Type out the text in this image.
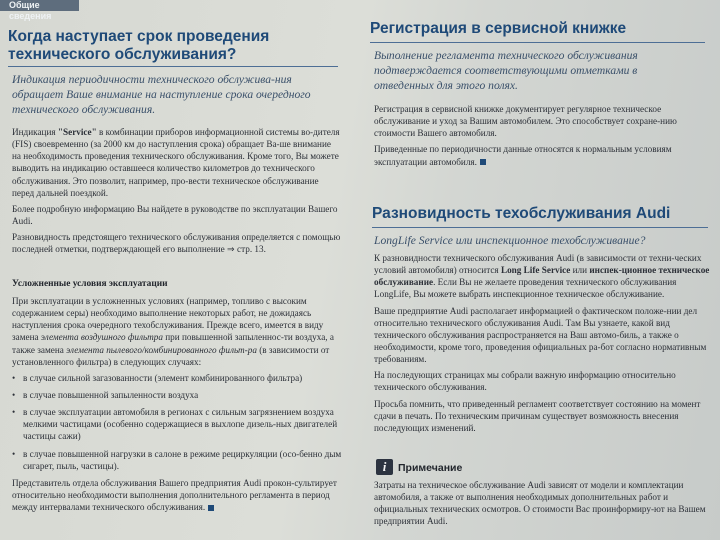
Общие сведения
Когда наступает срок проведения технического обслуживания?
Индикация периодичности технического обслужива-ния обращает Ваше внимание на наступление срока очередного технического обслуживания.

Индикация "Service" в комбинации приборов информационной системы во-дителя (FIS) своевременно (за 2000 км до наступления срока) обращает Ва-ше внимание на необходимость проведения технического обслуживания. Кроме того, Вы можете выводить на индикацию оставшееся количество километров до технического обслуживания. Это позволит, например, про-вести техническое обслуживание перед дальней поездкой.

Более подробную информацию Вы найдете в руководстве по эксплуатации Вашего Audi.

Разновидность предстоящего технического обслуживания определяется с помощью последней отметки, подтверждающей его выполнение ⇒ стр. 13.

Усложненные условия эксплуатации

При эксплуатации в усложненных условиях (например, топливо с высоким содержанием серы) необходимо выполнение некоторых работ, не дожидаясь наступления срока очередного техобслуживания. Прежде всего, имеется в виду замена элемента воздушного фильтра при повышенной запыленнос-ти воздуха, а также замена элемента пылевого/комбинированного фильт-ра (в зависимости от установленного фильтра) в следующих случаях:

• в случае сильной загазованности (элемент комбинированного фильтра)
• в случае повышенной запыленности воздуха
• в случае эксплуатации автомобиля в регионах с сильным загрязнением воздуха мелкими частицами (особенно содержащиеся в выхлопе дизель-ных двигателей частицы сажи)
• в случае повышенной нагрузки в салоне в режиме рециркуляции (осо-бенно дым сигарет, пыль, частицы).

Представитель отдела обслуживания Вашего предприятия Audi прокон-сультирует относительно необходимости выполнения дополнительного регламента в период между интервалами технического обслуживания.

Регистрация в сервисной книжке
Выполнение регламента технического обслуживания подтверждается соответствующими отметками в отведенных для этого полях.

Регистрация в сервисной книжке документирует регулярное техническое обслуживание и уход за Вашим автомобилем. Это способствует сохране-нию стоимости Вашего автомобиля.

Приведенные по периодичности данные относятся к нормальным условиям эксплуатации автомобиля.

Разновидность техобслуживания Audi
LongLife Service или инспекционное техобслуживание?

К разновидности технического обслуживания Audi (в зависимости от техни-ческих условий автомобиля) относится Long Life Service или инспек-ционное техническое обслуживание. Если Вы не желаете проведения технического обслуживания LongLife, Вы можете выбрать инспекционное техническое обслуживание.

Ваше предприятие Audi располагает информацией о фактическом положе-нии дел относительно технического обслуживания Audi. Там Вы узнаете, какой вид технического обслуживания распространяется на Ваш автомо-биль, а также о необходимости, кроме того, проведения официальных ра-бот согласно нормативным требованиям.

На последующих страницах мы собрали важную информацию относительно технического обслуживания.

Просьба помнить, что приведенный регламент соответствует состоянию на момент сдачи в печать. По техническим причинам существует возможность внесения последующих изменений.

i	Примечание
Затраты на техническое обслуживание Audi зависят от модели и комплектации автомобиля, а также от выполнения необходимых дополнительных работ и официальных технических осмотров. О стоимости Вас проинформиру-ют на Вашем предприятии Audi.
